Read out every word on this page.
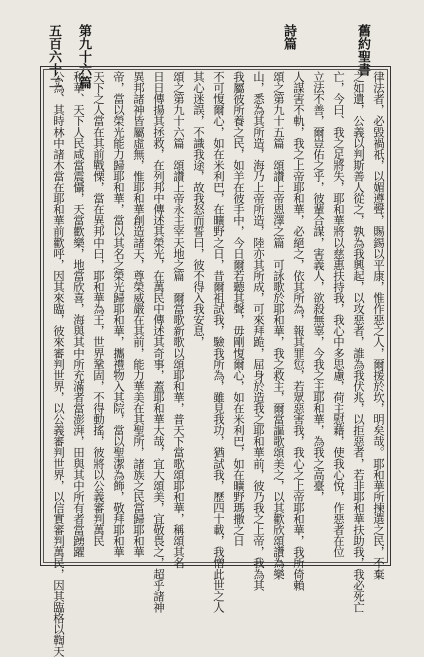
舊約聖書
詩篇
第九十六篇
五百六十二
律法者，必毀禍祇，以媚遵聲，賜錫以平康，惟作惡之人，爾援於坎，明矣哉。耶和華所揀選之民，不棄
之如遺，公義以判斯善人從之，孰為我興起，以攻惡者，誰為我伏兆，以拒惡者，若非耶和華扶助我，我必死亡
亡，今曰、我之足將失，耶和華將以慈惠扶持我，我心中多思慮，荷主慰藉，使我心悅，作惡者在位
立法不善，爾豈佑之乎，彼輩合謀，害義人，欲殺無辜，今我之主耶和華，為我之高臺，
人謀害不軌，我之上帝耶和華，必絕之，依其所為，報其罪愆，若眾惡害我，我心之上帝耶和華，我所倚賴
頌之第九十五篇　頌讚上帝恩澤之篇　可詠歌於耶和華，我之救主，爾當謳歌頌美之，以其歡欣頌讚為樂
山，悉為其所造，海乃上帝所造，陸亦其所成，可來拜跪，屈身於造我之耶和華前，彼乃我之上帝，我為其
我屬彼所養之民，如羊在彼手中，今日爾若聽其聲，毋剛愎爾心，如在米利巴，如在曠野瑪撒之日
不可愎爾心，如在米利巴，在曠野之日，昔爾祖試我，驗我所為，雖見我功，猶試我，歷四十載，我憎此世之人
其心迷誤，不識我途，故我怒而誓曰，彼不得入我安息，
頌之第九十六篇　頌讚上帝永主宰天地之篇　爾當歌新歌以頌耶和華，普天下當歌頌耶和華，稱頌其名
日日傳揚其拯救，在列邦中傳述其榮光，在萬民中傳述其奇事，蓋耶和華大哉，宜大頌美，宜敬畏之，超乎諸神
異邦諸神皆屬虛無，惟耶和華創造諸天，尊榮威嚴在其前，能力華美在其聖所，諸族之民當歸耶和華
帝，當以榮光能力歸耶和華，當以其名之榮光歸耶和華，攜禮物入其院，當以聖潔為飾，敬拜耶和華
天下之人當在其前戰慄，當在異邦中曰，耶和華為王，世界鞏固，不得動搖，彼將以公義審判萬民
和華、天下人民咸當震懾，天當歡樂，地當欣喜，海與其中所充滿者當澎湃，田與其中所有者當踴躍
公為、其時林中諸木當在耶和華前歡呼，因其來臨，彼來審判世界，以公義審判世界，以信實審判萬民，因其臨格以鞫天
